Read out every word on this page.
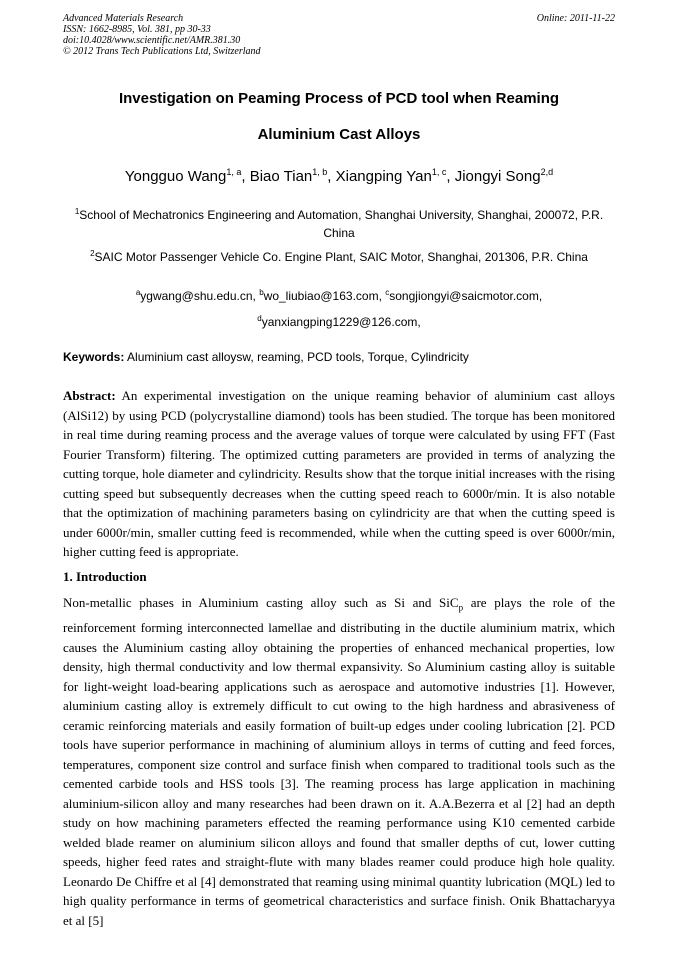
Advanced Materials Research
ISSN: 1662-8985, Vol. 381, pp 30-33
doi:10.4028/www.scientific.net/AMR.381.30
© 2012 Trans Tech Publications Ltd, Switzerland
Online: 2011-11-22
Investigation on Peaming Process of PCD tool when Reaming
Aluminium Cast Alloys
Yongguo Wang$^{1, a}$, Biao Tian$^{1, b}$, Xiangping Yan$^{1, c}$, Jiongyi Song$^{2,d}$
$^1$School of Mechatronics Engineering and Automation, Shanghai University, Shanghai, 200072, P.R. China
$^2$SAIC Motor Passenger Vehicle Co. Engine Plant, SAIC Motor, Shanghai, 201306, P.R. China
$^a$ygwang@shu.edu.cn, $^b$wo_liubiao@163.com, $^c$songjiongyi@saicmotor.com,
$^d$yanxiangping1229@126.com,
Keywords: Aluminium cast alloysw, reaming, PCD tools, Torque, Cylindricity
Abstract: An experimental investigation on the unique reaming behavior of aluminium cast alloys (AlSi12) by using PCD (polycrystalline diamond) tools has been studied. The torque has been monitored in real time during reaming process and the average values of torque were calculated by using FFT (Fast Fourier Transform) filtering. The optimized cutting parameters are provided in terms of analyzing the cutting torque, hole diameter and cylindricity. Results show that the torque initial increases with the rising cutting speed but subsequently decreases when the cutting speed reach to 6000r/min. It is also notable that the optimization of machining parameters basing on cylindricity are that when the cutting speed is under 6000r/min, smaller cutting feed is recommended, while when the cutting speed is over 6000r/min, higher cutting feed is appropriate.
1. Introduction
Non-metallic phases in Aluminium casting alloy such as Si and SiC$_p$ are plays the role of the reinforcement forming interconnected lamellae and distributing in the ductile aluminium matrix, which causes the Aluminium casting alloy obtaining the properties of enhanced mechanical properties, low density, high thermal conductivity and low thermal expansivity. So Aluminium casting alloy is suitable for light-weight load-bearing applications such as aerospace and automotive industries [1]. However, aluminium casting alloy is extremely difficult to cut owing to the high hardness and abrasiveness of ceramic reinforcing materials and easily formation of built-up edges under cooling lubrication [2]. PCD tools have superior performance in machining of aluminium alloys in terms of cutting and feed forces, temperatures, component size control and surface finish when compared to traditional tools such as the cemented carbide tools and HSS tools [3]. The reaming process has large application in machining aluminium-silicon alloy and many researches had been drawn on it. A.A.Bezerra et al [2] had an depth study on how machining parameters effected the reaming performance using K10 cemented carbide welded blade reamer on aluminium silicon alloys and found that smaller depths of cut, lower cutting speeds, higher feed rates and straight-flute with many blades reamer could produce high hole quality. Leonardo De Chiffre et al [4] demonstrated that reaming using minimal quantity lubrication (MQL) led to high quality performance in terms of geometrical characteristics and surface finish. Onik Bhattacharyya et al [5]
